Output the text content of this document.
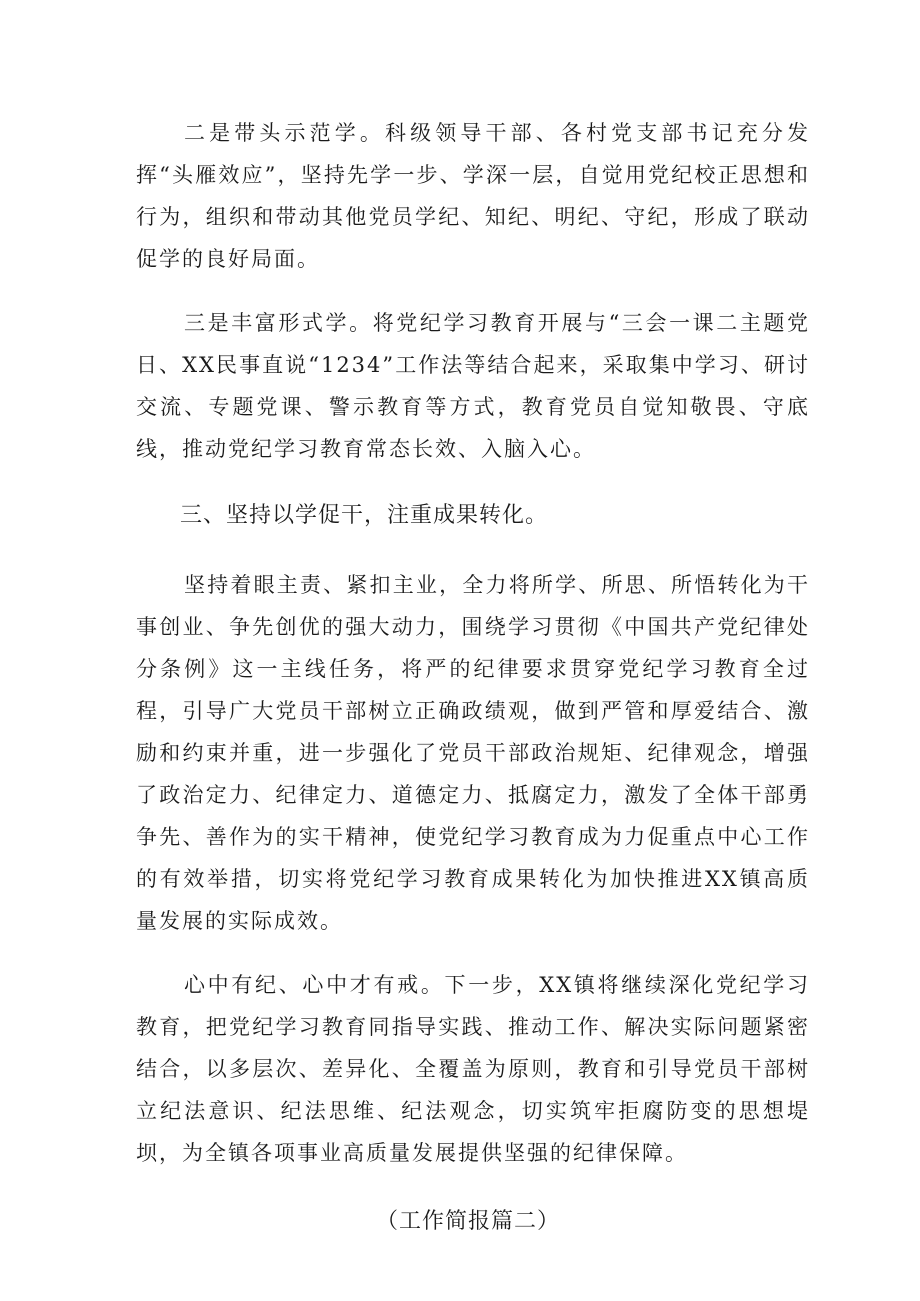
二是带头示范学。科级领导干部、各村党支部书记充分发挥“头雁效应”，坚持先学一步、学深一层，自觉用党纪校正思想和行为，组织和带动其他党员学纪、知纪、明纪、守纪，形成了联动促学的良好局面。

三是丰富形式学。将党纪学习教育开展与“三会一课二主题党日、XX民事直说“1234”工作法等结合起来，采取集中学习、研讨交流、专题党课、警示教育等方式，教育党员自觉知敬畏、守底线，推动党纪学习教育常态长效、入脑入心。

三、坚持以学促干，注重成果转化。

坚持着眼主责、紧扣主业，全力将所学、所思、所悟转化为干事创业、争先创优的强大动力，围绕学习贯彻《中国共产党纪律处分条例》这一主线任务，将严的纪律要求贯穿党纪学习教育全过程，引导广大党员干部树立正确政绩观，做到严管和厚爱结合、激励和约束并重，进一步强化了党员干部政治规矩、纪律观念，增强了政治定力、纪律定力、道德定力、抵腐定力，激发了全体干部勇争先、善作为的实干精神，使党纪学习教育成为力促重点中心工作的有效举措，切实将党纪学习教育成果转化为加快推进XX镇高质量发展的实际成效。

心中有纪、心中才有戒。下一步，XX镇将继续深化党纪学习教育，把党纪学习教育同指导实践、推动工作、解决实际问题紧密结合，以多层次、差异化、全覆盖为原则，教育和引导党员干部树立纪法意识、纪法思维、纪法观念，切实筑牢拒腐防变的思想堤坝，为全镇各项事业高质量发展提供坚强的纪律保障。

（工作简报篇二）
